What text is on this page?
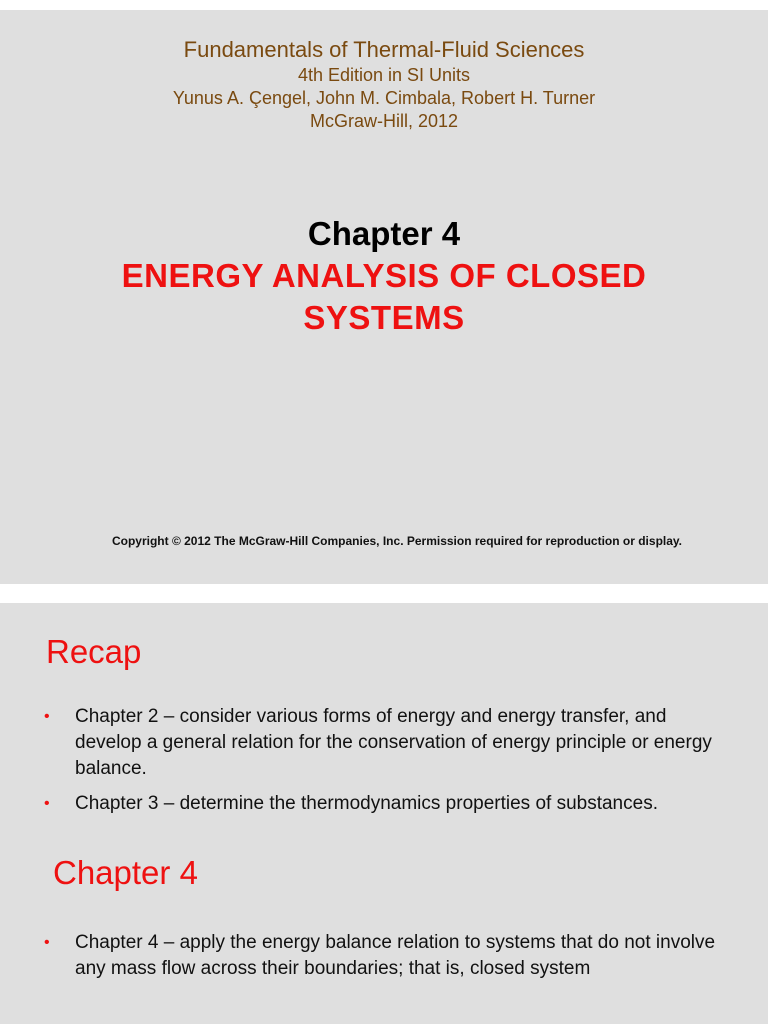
Fundamentals of Thermal-Fluid Sciences
4th Edition in SI Units
Yunus A. Çengel, John M. Cimbala, Robert H. Turner
McGraw-Hill, 2012
Chapter 4
ENERGY ANALYSIS OF CLOSED SYSTEMS
Copyright © 2012 The McGraw-Hill Companies, Inc. Permission required for reproduction or display.
Recap
• Chapter 2 – consider various forms of energy and energy transfer, and develop a general relation for the conservation of energy principle or energy balance.
• Chapter 3 – determine the thermodynamics properties of substances.
Chapter 4
• Chapter 4 – apply the energy balance relation to systems that do not involve any mass flow across their boundaries; that is, closed system
